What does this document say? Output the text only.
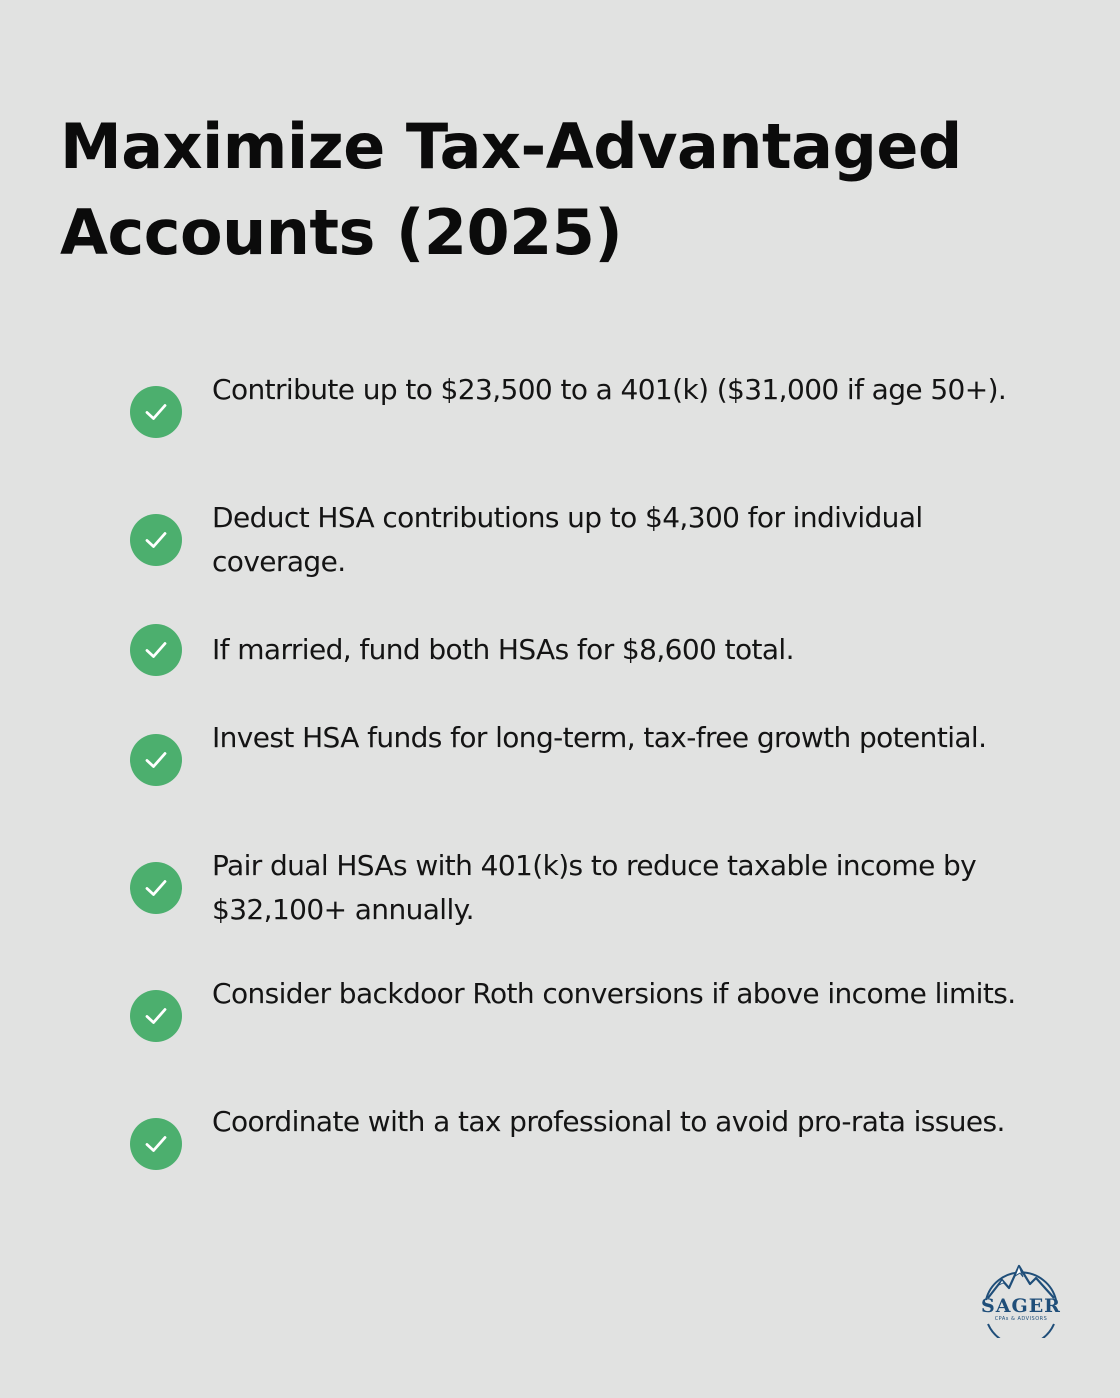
Maximize Tax-Advantaged Accounts (2025)
Contribute up to $23,500 to a 401(k) ($31,000 if age 50+).
Deduct HSA contributions up to $4,300 for individual coverage.
If married, fund both HSAs for $8,600 total.
Invest HSA funds for long-term, tax-free growth potential.
Pair dual HSAs with 401(k)s to reduce taxable income by $32,100+ annually.
Consider backdoor Roth conversions if above income limits.
Coordinate with a tax professional to avoid pro-rata issues.
SAGER
CPAs & ADVISORS
